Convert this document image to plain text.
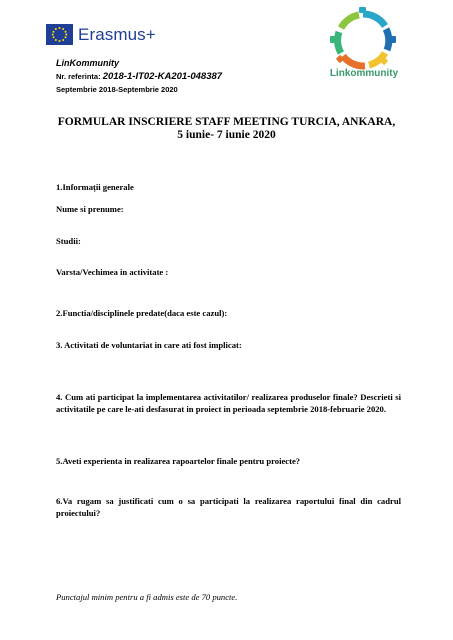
Erasmus+
Linkommunity
LinKommunity
Nr. referinta: 2018-1-IT02-KA201-048387
Septembrie 2018-Septembrie 2020
FORMULAR INSCRIERE STAFF MEETING TURCIA, ANKARA,
5 iunie- 7 iunie 2020
1.Informații generale
Nume si prenume:
Studii:
Varsta/Vechimea in activitate :
2.Functia/disciplinele predate(daca este cazul):
3. Activitati de voluntariat in care ati fost implicat:
4. Cum ati participat la implementarea activitatilor/ realizarea produselor finale? Descrieti si activitatile pe care le-ati desfasurat in proiect in perioada septembrie 2018-februarie 2020.
5.Aveti experienta in realizarea rapoartelor finale pentru proiecte?
6.Va rugam sa justificati cum o sa participati la realizarea raportului final din cadrul proiectului?
Punctajul minim pentru a fi admis este de 70 puncte.
